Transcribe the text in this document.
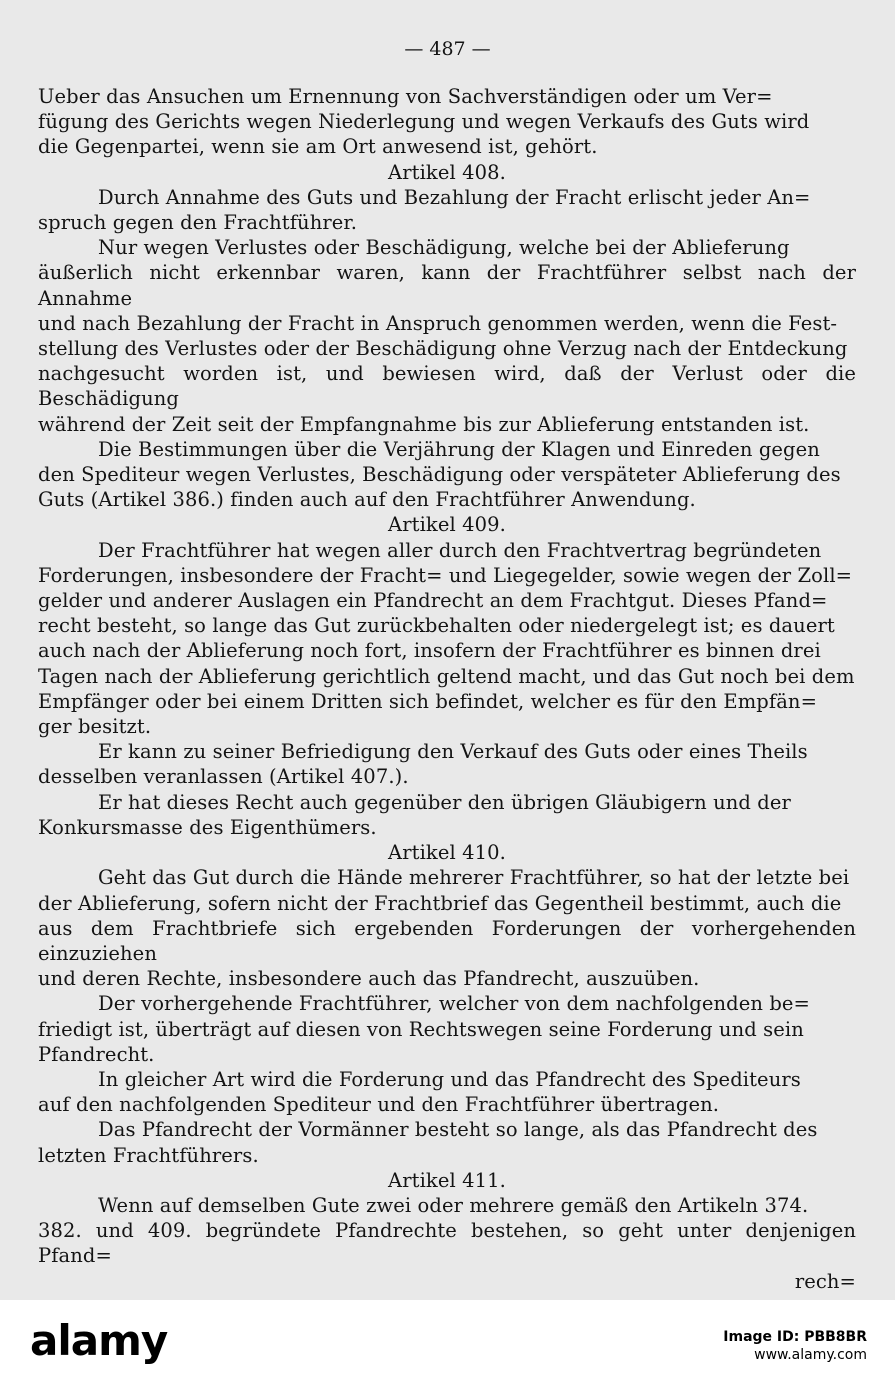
— 487 —

Ueber das Ansuchen um Ernennung von Sachverständigen oder um Ver=

fügung des Gerichts wegen Niederlegung und wegen Verkaufs des Guts wird

die Gegenpartei, wenn sie am Ort anwesend ist, gehört.

Artikel 408.

Durch Annahme des Guts und Bezahlung der Fracht erlischt jeder An=

spruch gegen den Frachtführer.

Nur wegen Verlustes oder Beschädigung, welche bei der Ablieferung

äußerlich nicht erkennbar waren, kann der Frachtführer selbst nach der Annahme

und nach Bezahlung der Fracht in Anspruch genommen werden, wenn die Fest-

stellung des Verlustes oder der Beschädigung ohne Verzug nach der Entdeckung

nachgesucht worden ist, und bewiesen wird, daß der Verlust oder die Beschädigung

während der Zeit seit der Empfangnahme bis zur Ablieferung entstanden ist.

Die Bestimmungen über die Verjährung der Klagen und Einreden gegen

den Spediteur wegen Verlustes, Beschädigung oder verspäteter Ablieferung des

Guts (Artikel 386.) finden auch auf den Frachtführer Anwendung.

Artikel 409.

Der Frachtführer hat wegen aller durch den Frachtvertrag begründeten

Forderungen, insbesondere der Fracht= und Liegegelder, sowie wegen der Zoll=

gelder und anderer Auslagen ein Pfandrecht an dem Frachtgut. Dieses Pfand=

recht besteht, so lange das Gut zurückbehalten oder niedergelegt ist; es dauert

auch nach der Ablieferung noch fort, insofern der Frachtführer es binnen drei

Tagen nach der Ablieferung gerichtlich geltend macht, und das Gut noch bei dem

Empfänger oder bei einem Dritten sich befindet, welcher es für den Empfän=

ger besitzt.

Er kann zu seiner Befriedigung den Verkauf des Guts oder eines Theils

desselben veranlassen (Artikel 407.).

Er hat dieses Recht auch gegenüber den übrigen Gläubigern und der

Konkursmasse des Eigenthümers.

Artikel 410.

Geht das Gut durch die Hände mehrerer Frachtführer, so hat der letzte bei

der Ablieferung, sofern nicht der Frachtbrief das Gegentheil bestimmt, auch die

aus dem Frachtbriefe sich ergebenden Forderungen der vorhergehenden einzuziehen

und deren Rechte, insbesondere auch das Pfandrecht, auszuüben.

Der vorhergehende Frachtführer, welcher von dem nachfolgenden be=

friedigt ist, überträgt auf diesen von Rechtswegen seine Forderung und sein

Pfandrecht.

In gleicher Art wird die Forderung und das Pfandrecht des Spediteurs

auf den nachfolgenden Spediteur und den Frachtführer übertragen.

Das Pfandrecht der Vormänner besteht so lange, als das Pfandrecht des

letzten Frachtführers.

Artikel 411.

Wenn auf demselben Gute zwei oder mehrere gemäß den Artikeln 374.

382. und 409. begründete Pfandrechte bestehen, so geht unter denjenigen Pfand=

rech=

alamy	Image ID: PBB8BR
www.alamy.com
